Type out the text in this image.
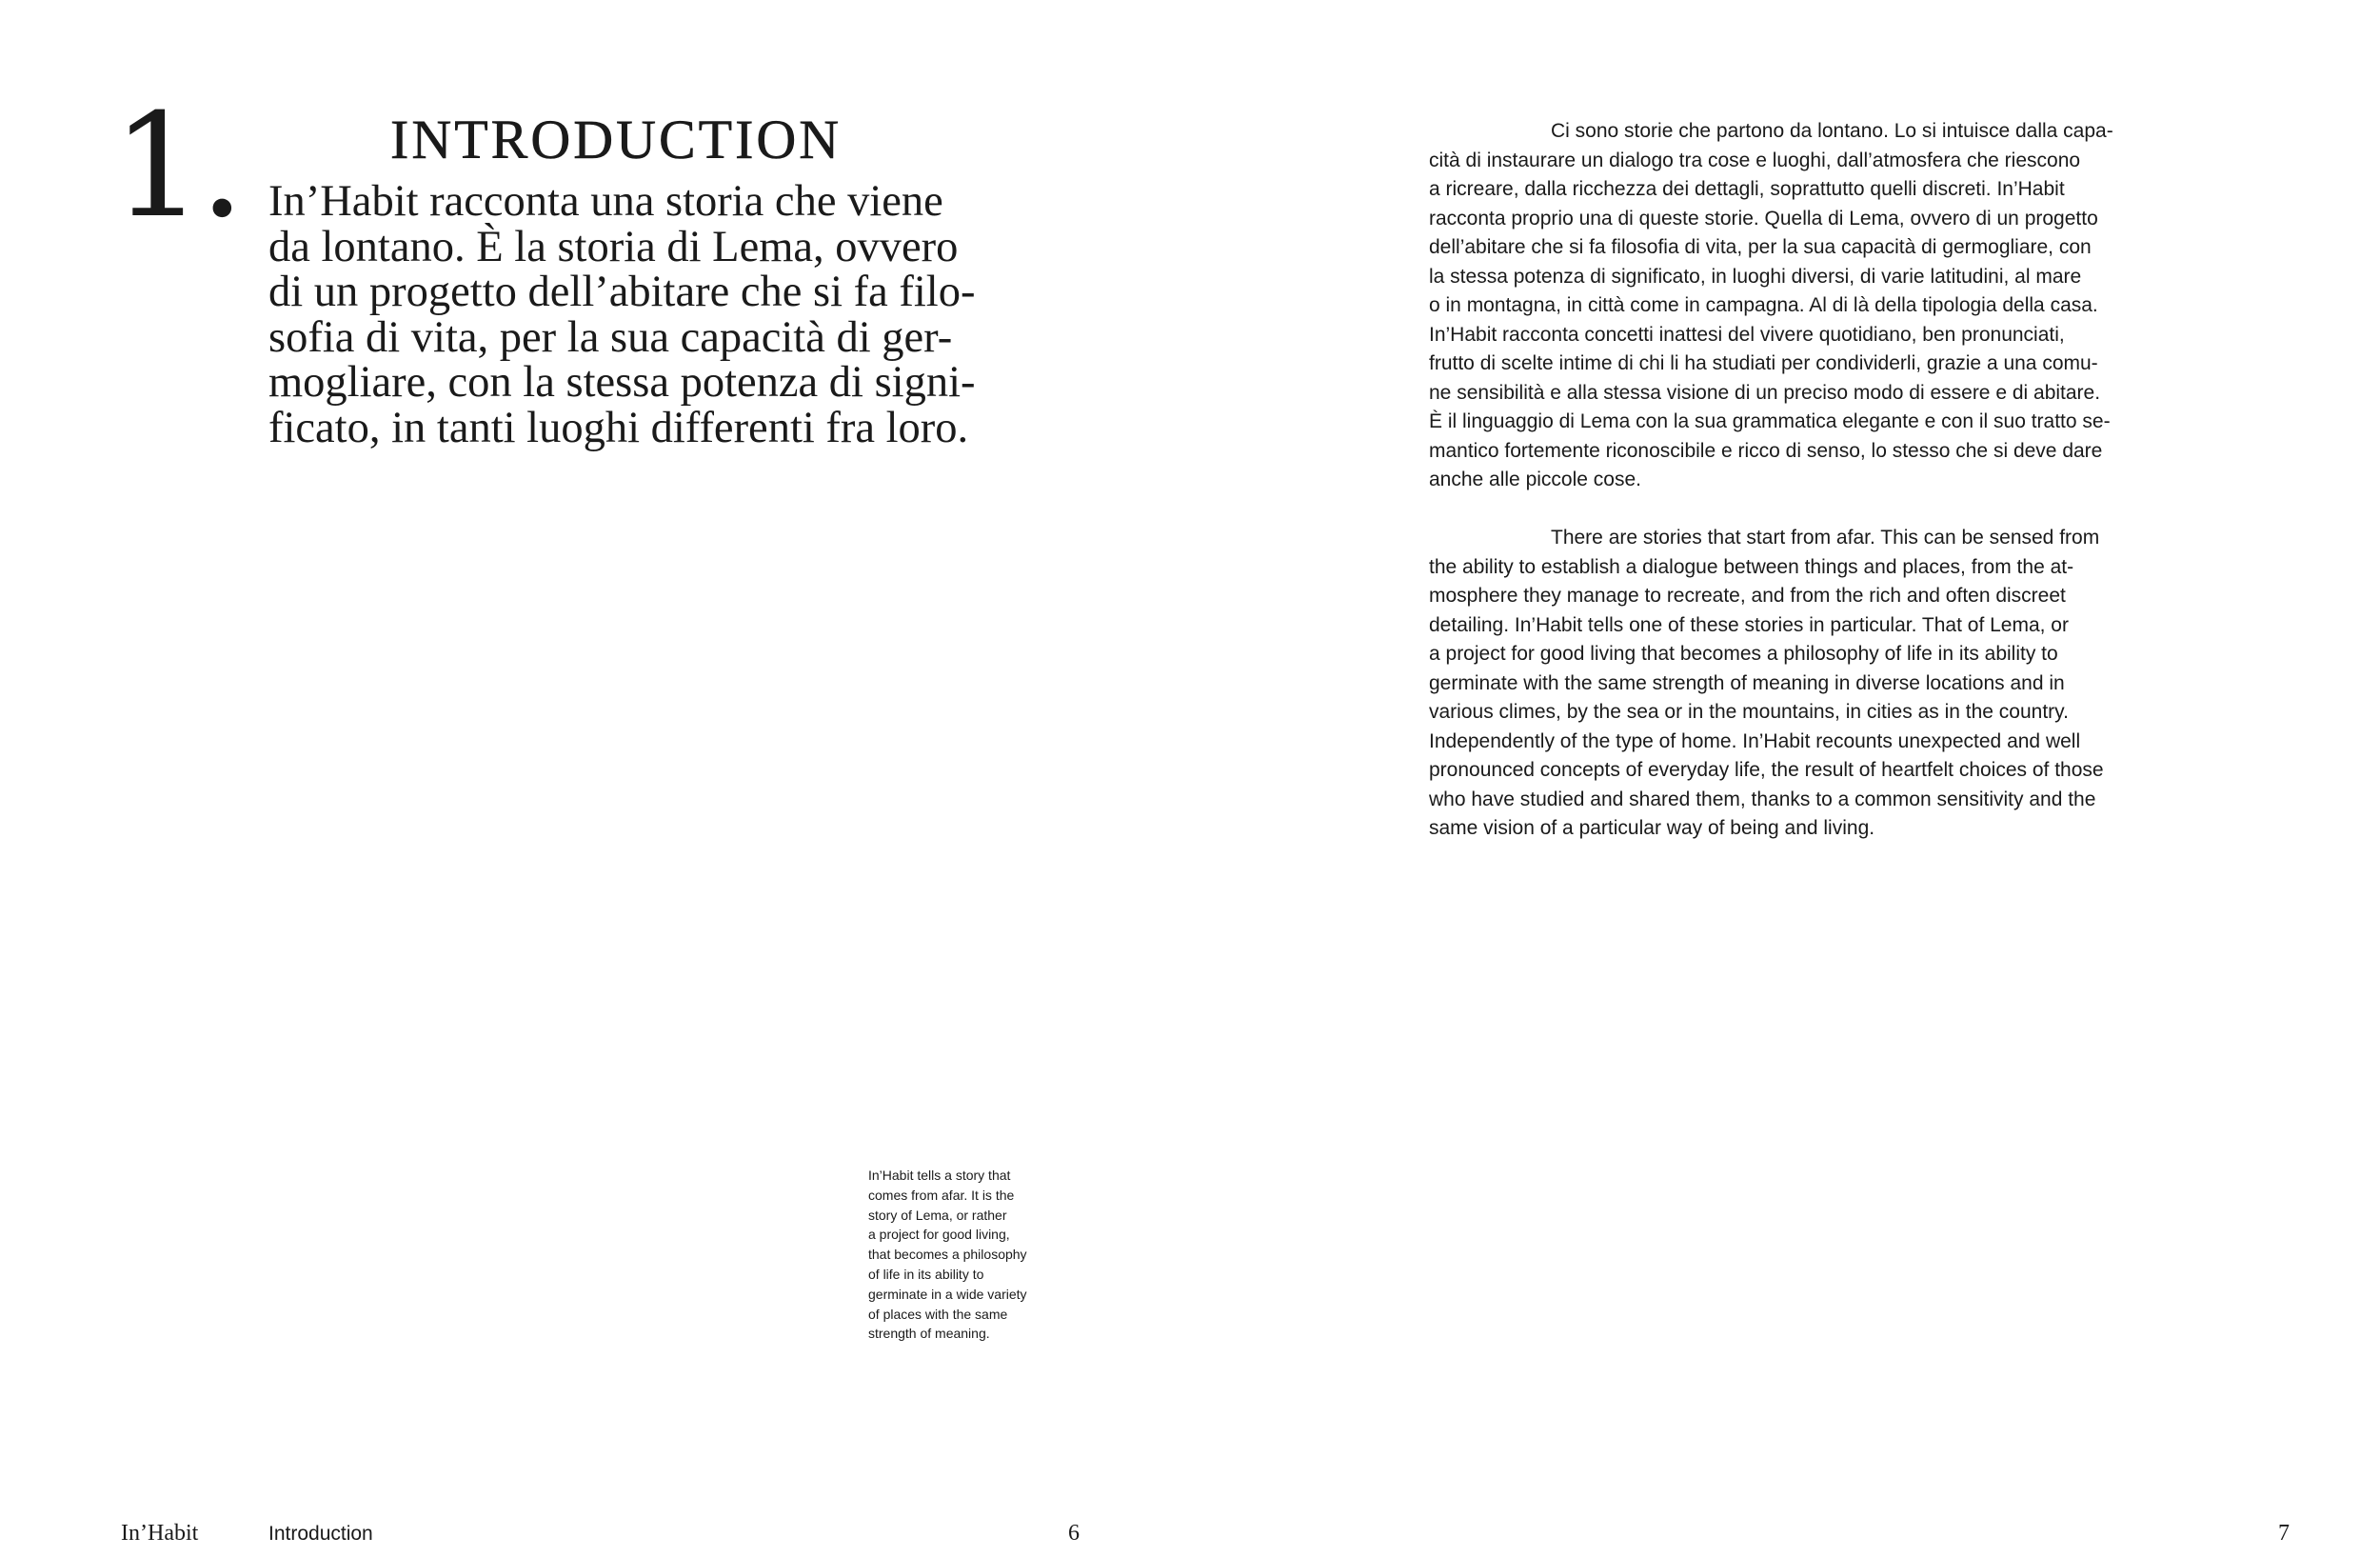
1.	INTRODUCTION

In’Habit racconta una storia che viene
da lontano. È la storia di Lema, ovvero
di un progetto dell’abitare che si fa filo-
sofia di vita, per la sua capacità di ger-
mogliare, con la stessa potenza di signi-
ficato, in tanti luoghi differenti fra loro.

In’Habit tells a story that
comes from afar. It is the
story of Lema, or rather
a project for good living,
that becomes a philosophy
of life in its ability to
germinate in a wide variety
of places with the same
strength of meaning.

In’Habit	Introduction	6

Ci sono storie che partono da lontano. Lo si intuisce dalla capa-
cità di instaurare un dialogo tra cose e luoghi, dall’atmosfera che riescono
a ricreare, dalla ricchezza dei dettagli, soprattutto quelli discreti. In’Habit
racconta proprio una di queste storie. Quella di Lema, ovvero di un progetto
dell’abitare che si fa filosofia di vita, per la sua capacità di germogliare, con
la stessa potenza di significato, in luoghi diversi, di varie latitudini, al mare
o in montagna, in città come in campagna. Al di là della tipologia della casa.
In’Habit racconta concetti inattesi del vivere quotidiano, ben pronunciati,
frutto di scelte intime di chi li ha studiati per condividerli, grazie a una comu-
ne sensibilità e alla stessa visione di un preciso modo di essere e di abitare.
È il linguaggio di Lema con la sua grammatica elegante e con il suo tratto se-
mantico fortemente riconoscibile e ricco di senso, lo stesso che si deve dare
anche alle piccole cose.

There are stories that start from afar. This can be sensed from
the ability to establish a dialogue between things and places, from the at-
mosphere they manage to recreate, and from the rich and often discreet
detailing. In’Habit tells one of these stories in particular. That of Lema, or
a project for good living that becomes a philosophy of life in its ability to
germinate with the same strength of meaning in diverse locations and in
various climes, by the sea or in the mountains, in cities as in the country.
Independently of the type of home. In’Habit recounts unexpected and well
pronounced concepts of everyday life, the result of heartfelt choices of those
who have studied and shared them, thanks to a common sensitivity and the
same vision of a particular way of being and living.

7
